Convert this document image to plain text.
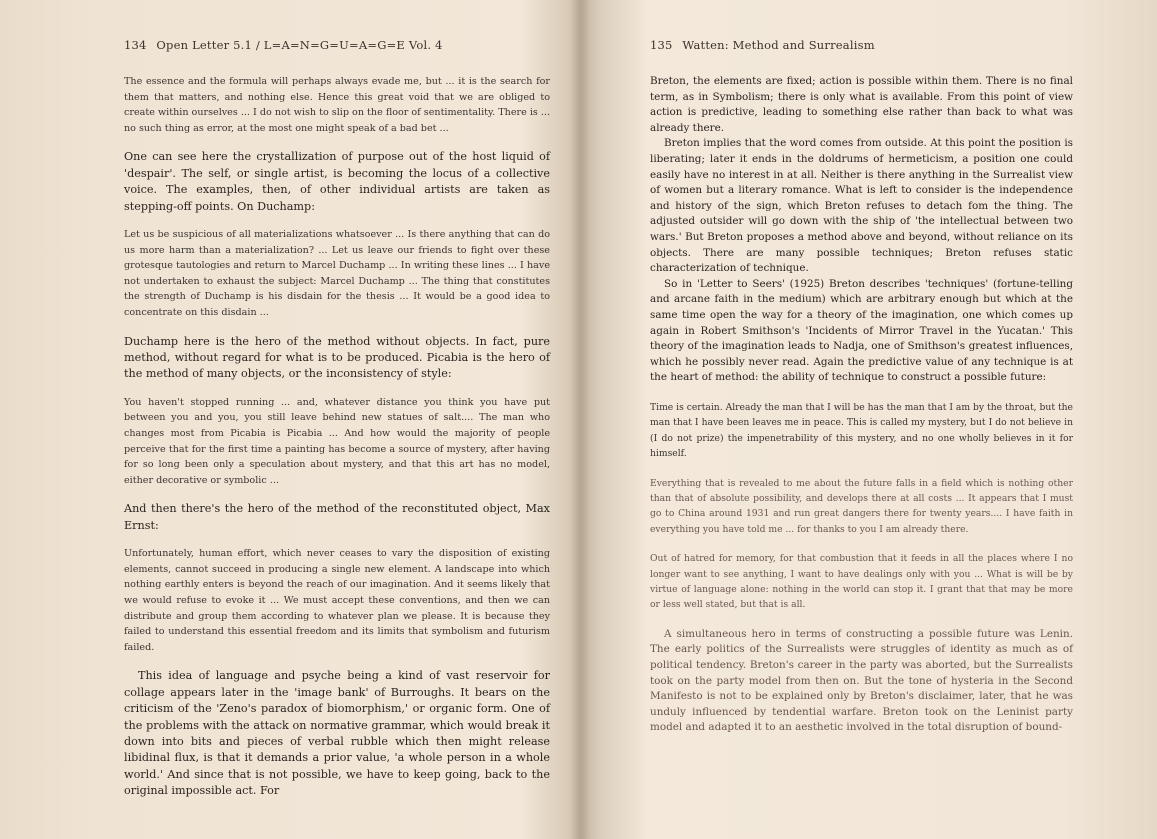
134 Open Letter 5.1 / L=A=N=G=U=A=G=E Vol. 4

The essence and the formula will perhaps always evade me, but ... it is the search for them that matters, and nothing else. Hence this great void that we are obliged to create within ourselves ... I do not wish to slip on the floor of sentimentality. There is ... no such thing as error, at the most one might speak of a bad bet ...

One can see here the crystallization of purpose out of the host liquid of 'despair'. The self, or single artist, is becoming the locus of a collective voice. The examples, then, of other individual artists are taken as stepping-off points. On Duchamp:

Let us be suspicious of all materializations whatsoever ... Is there anything that can do us more harm than a materialization? ... Let us leave our friends to fight over these grotesque tautologies and return to Marcel Duchamp ... In writing these lines ... I have not undertaken to exhaust the subject: Marcel Duchamp ... The thing that constitutes the strength of Duchamp is his disdain for the thesis ... It would be a good idea to concentrate on this disdain ...

Duchamp here is the hero of the method without objects. In fact, pure method, without regard for what is to be produced. Picabia is the hero of the method of many objects, or the inconsistency of style:

You haven't stopped running ... and, whatever distance you think you have put between you and you, you still leave behind new statues of salt.... The man who changes most from Picabia is Picabia ... And how would the majority of people perceive that for the first time a painting has become a source of mystery, after having for so long been only a speculation about mystery, and that this art has no model, either decorative or symbolic ...

And then there's the hero of the method of the reconstituted object, Max Ernst:

Unfortunately, human effort, which never ceases to vary the disposition of existing elements, cannot succeed in producing a single new element. A landscape into which nothing earthly enters is beyond the reach of our imagination. And it seems likely that we would refuse to evoke it ... We must accept these conventions, and then we can distribute and group them according to whatever plan we please. It is because they failed to understand this essential freedom and its limits that symbolism and futurism failed.

This idea of language and psyche being a kind of vast reservoir for collage appears later in the 'image bank' of Burroughs. It bears on the criticism of the 'Zeno's paradox of biomorphism,' or organic form. One of the problems with the attack on normative grammar, which would break it down into bits and pieces of verbal rubble which then might release libidinal flux, is that it demands a prior value, 'a whole person in a whole world.' And since that is not possible, we have to keep going, back to the original impossible act. For

135 Watten: Method and Surrealism

Breton, the elements are fixed; action is possible within them. There is no final term, as in Symbolism; there is only what is available. From this point of view action is predictive, leading to something else rather than back to what was already there.

Breton implies that the word comes from outside. At this point the position is liberating; later it ends in the doldrums of hermeticism, a position one could easily have no interest in at all. Neither is there anything in the Surrealist view of women but a literary romance. What is left to consider is the independence and history of the sign, which Breton refuses to detach fom the thing. The adjusted outsider will go down with the ship of 'the intellectual between two wars.' But Breton proposes a method above and beyond, without reliance on its objects. There are many possible techniques; Breton refuses static characterization of technique.

So in 'Letter to Seers' (1925) Breton describes 'techniques' (fortune-telling and arcane faith in the medium) which are arbitrary enough but which at the same time open the way for a theory of the imagination, one which comes up again in Robert Smithson's 'Incidents of Mirror Travel in the Yucatan.' This theory of the imagination leads to Nadja, one of Smithson's greatest influences, which he possibly never read. Again the predictive value of any technique is at the heart of method: the ability of technique to construct a possible future:

Time is certain. Already the man that I will be has the man that I am by the throat, but the man that I have been leaves me in peace. This is called my mystery, but I do not believe in (I do not prize) the impenetrability of this mystery, and no one wholly believes in it for himself.

Everything that is revealed to me about the future falls in a field which is nothing other than that of absolute possibility, and develops there at all costs ... It appears that I must go to China around 1931 and run great dangers there for twenty years.... I have faith in everything you have told me ... for thanks to you I am already there.

Out of hatred for memory, for that combustion that it feeds in all the places where I no longer want to see anything, I want to have dealings only with you ... What is will be by virtue of language alone: nothing in the world can stop it. I grant that that may be more or less well stated, but that is all.

A simultaneous hero in terms of constructing a possible future was Lenin. The early politics of the Surrealists were struggles of identity as much as of political tendency. Breton's career in the party was aborted, but the Surrealists took on the party model from then on. But the tone of hysteria in the Second Manifesto is not to be explained only by Breton's disclaimer, later, that he was unduly influenced by tendential warfare. Breton took on the Leninist party model and adapted it to an aesthetic involved in the total disruption of bound-
